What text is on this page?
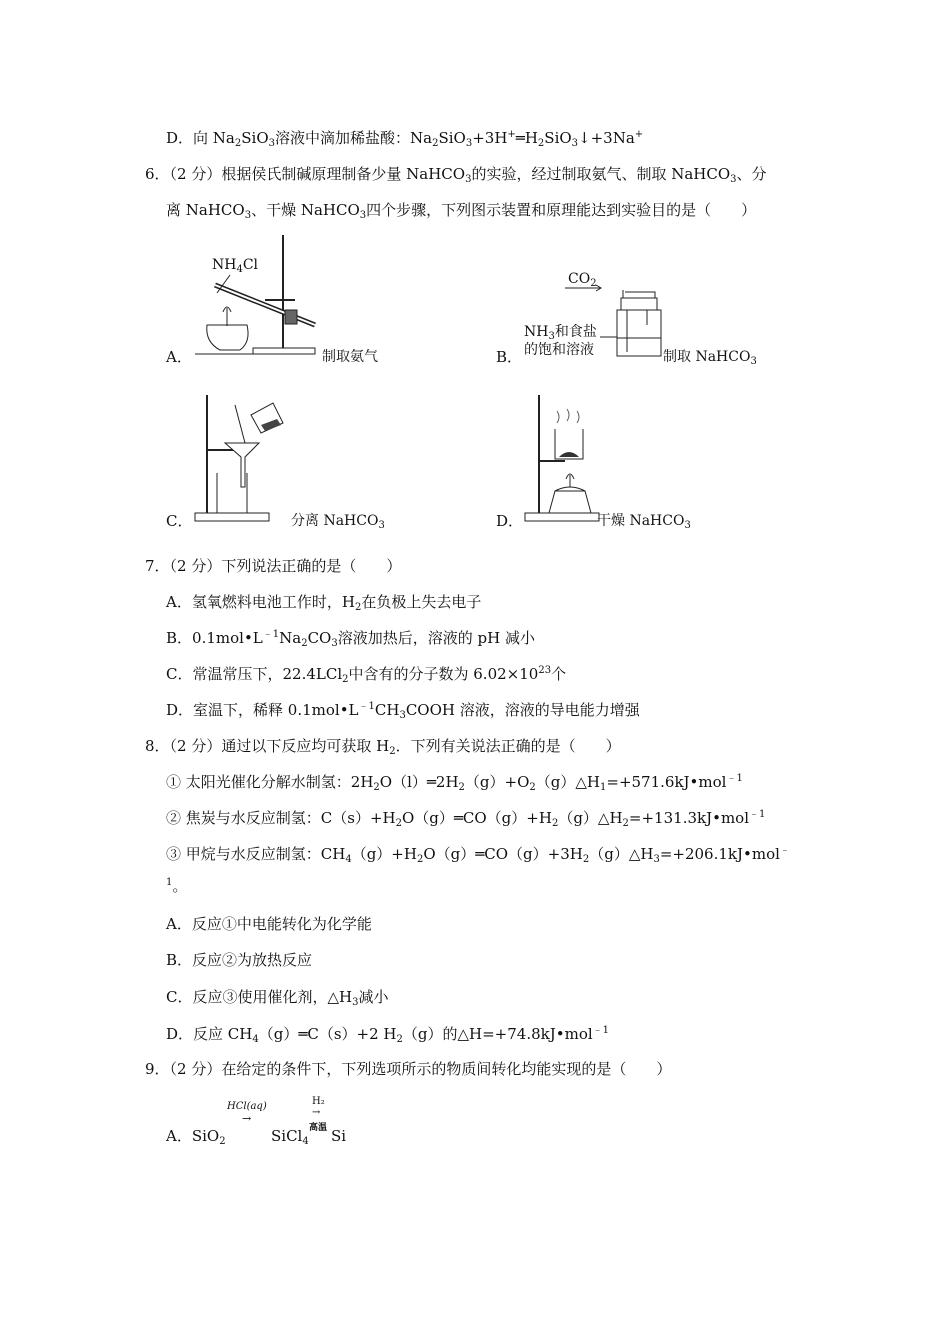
D．向 $Na_2SiO_3$溶液中滴加稀盐酸：$Na_2SiO_3+3H^+═H_2SiO_3↓+3Na^+$
6．（2 分）根据侯氏制碱原理制备少量 NaHCO$_3$的实验，经过制取氨气、制取 NaHCO$_3$、分
离 NaHCO$_3$、干燥 NaHCO$_3$四个步骤，下列图示装置和原理能达到实验目的是（　　）
A．
$NH_4Cl$
制取氨气	B．
$CO_2$
$NH_3$和食盐
的饱和溶液	制取 NaHCO$_3$
C．	分离 NaHCO$_3$	D．	干燥 NaHCO$_3$
7．（2 分）下列说法正确的是（　　）
A．氢氧燃料电池工作时，$H_2$在负极上失去电子
B．$0.1mol•L^{﹣1}Na_2CO_3$溶液加热后，溶液的 pH 减小
C．常温常压下，22.4LCl$_2$中含有的分子数为 $6.02\times 10^{23}$个
D．室温下，稀释 $0.1mol•L^{﹣1}CH_3COOH$ 溶液，溶液的导电能力增强
8．（2 分）通过以下反应均可获取 $H_2$．下列有关说法正确的是（　　）
① 太阳光催化分解水制氢：$2H_2O(l)═2H_2(g)+O_2(g)\triangle H_1=+571.6kJ•mol^{﹣1}$
② 焦炭与水反应制氢：$C(s)+H_2O(g)═CO(g)+H_2(g)\triangle H_2=+131.3kJ•mol^{﹣1}$
③ 甲烷与水反应制氢：$CH_4(g)+H_2O(g)═CO(g)+3H_2(g)\triangle H_3=+206.1kJ•mol^﹣$
$^1$。
A．反应①中电能转化为化学能
B．反应②为放热反应
C．反应③使用催化剂，$\triangle H_3$减小
D．反应 $CH_4(g)═C(s)+2$ $H_2(g)$的△H=+74.8kJ•mol$^{﹣1}$
9．（2 分）在给定的条件下，下列选项所示的物质间转化均能实现的是（　　）
A．SiO$_2$
HCl(aq)
→
SiCl$_4$
H₂
→
高温 Si
